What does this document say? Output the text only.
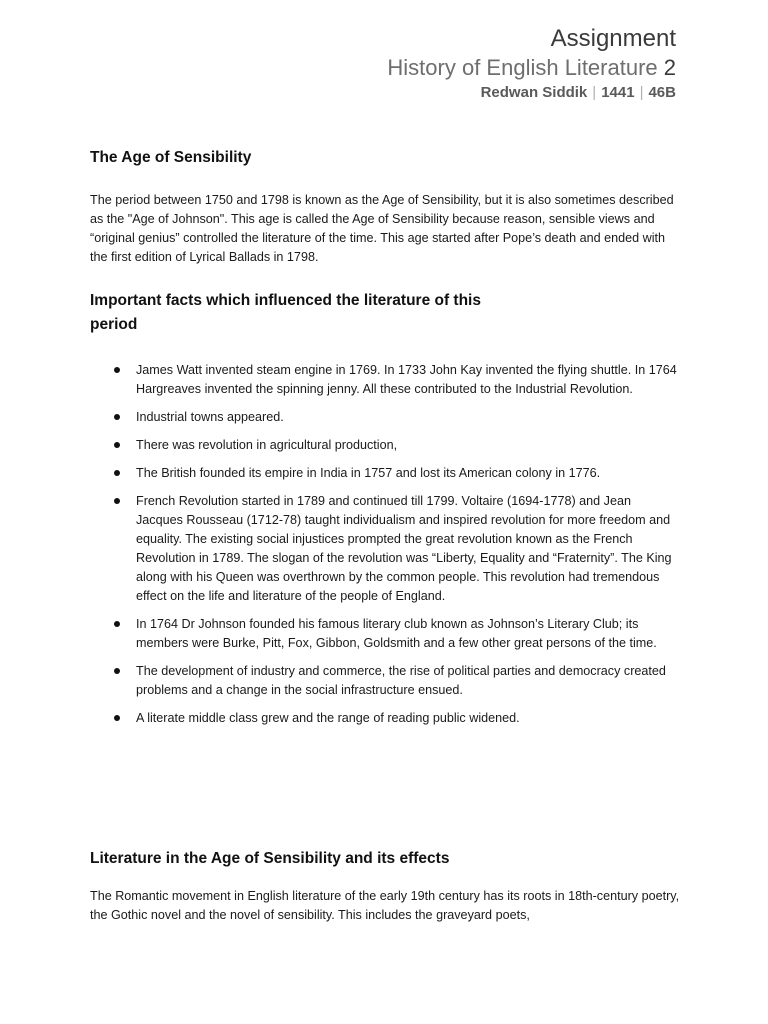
Assignment
History of English Literature 2
Redwan Siddik | 1441 | 46B
The Age of Sensibility

The period between 1750 and 1798 is known as the Age of Sensibility, but it is also sometimes described as the "Age of Johnson". This age is called the Age of Sensibility because reason, sensible views and “original genius” controlled the literature of the time. This age started after Pope’s death and ended with the first edition of Lyrical Ballads in 1798.

Important facts which influenced the literature of this period
James Watt invented steam engine in 1769. In 1733 John Kay invented the flying shuttle. In 1764 Hargreaves invented the spinning jenny. All these contributed to the Industrial Revolution.
Industrial towns appeared.
There was revolution in agricultural production,
The British founded its empire in India in 1757 and lost its American colony in 1776.
French Revolution started in 1789 and continued till 1799. Voltaire (1694-1778) and Jean Jacques Rousseau (1712-78) taught individualism and inspired revolution for more freedom and equality. The existing social injustices prompted the great revolution known as the French Revolution in 1789. The slogan of the revolution was “Liberty, Equality and “Fraternity”. The King along with his Queen was overthrown by the common people. This revolution had tremendous effect on the life and literature of the people of England.
In 1764 Dr Johnson founded his famous literary club known as Johnson’s Literary Club; its members were Burke, Pitt, Fox, Gibbon, Goldsmith and a few other great persons of the time.
The development of industry and commerce, the rise of political parties and democracy created problems and a change in the social infrastructure ensued.
A literate middle class grew and the range of reading public widened.
Literature in the Age of Sensibility and its effects

The Romantic movement in English literature of the early 19th century has its roots in 18th-century poetry, the Gothic novel and the novel of sensibility. This includes the graveyard poets,
